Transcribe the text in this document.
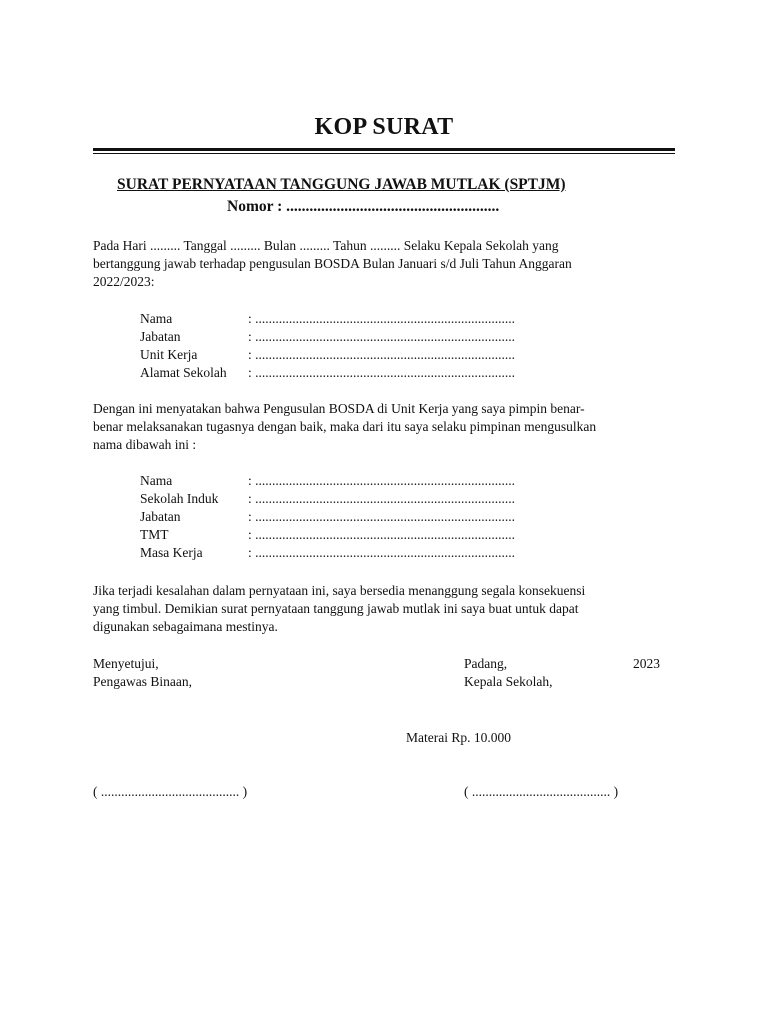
KOP SURAT
SURAT PERNYATAAN TANGGUNG JAWAB MUTLAK (SPTJM)
Nomor : .......................................................
Pada Hari ......... Tanggal ......... Bulan ......... Tahun ......... Selaku Kepala Sekolah yang
bertanggung jawab terhadap pengusulan BOSDA Bulan Januari s/d Juli Tahun Anggaran
2022/2023:
Nama	: .............................................................................
Jabatan	: .............................................................................
Unit Kerja	: .............................................................................
Alamat Sekolah : .............................................................................
Dengan ini menyatakan bahwa Pengusulan BOSDA di Unit Kerja yang saya pimpin benar-
benar melaksanakan tugasnya dengan baik, maka dari itu saya selaku pimpinan mengusulkan
nama dibawah ini :
Nama	: .............................................................................
Sekolah Induk : .............................................................................
Jabatan	: .............................................................................
TMT	: .............................................................................
Masa Kerja	: .............................................................................
Jika terjadi kesalahan dalam pernyataan ini, saya bersedia menanggung segala konsekuensi
yang timbul. Demikian surat pernyataan tanggung jawab mutlak ini saya buat untuk dapat
digunakan sebagaimana mestinya.
Menyetujui,
Pengawas Binaan,
Padang,	2023
Kepala Sekolah,
Materai Rp. 10.000
( ......................................... )	( ......................................... )
